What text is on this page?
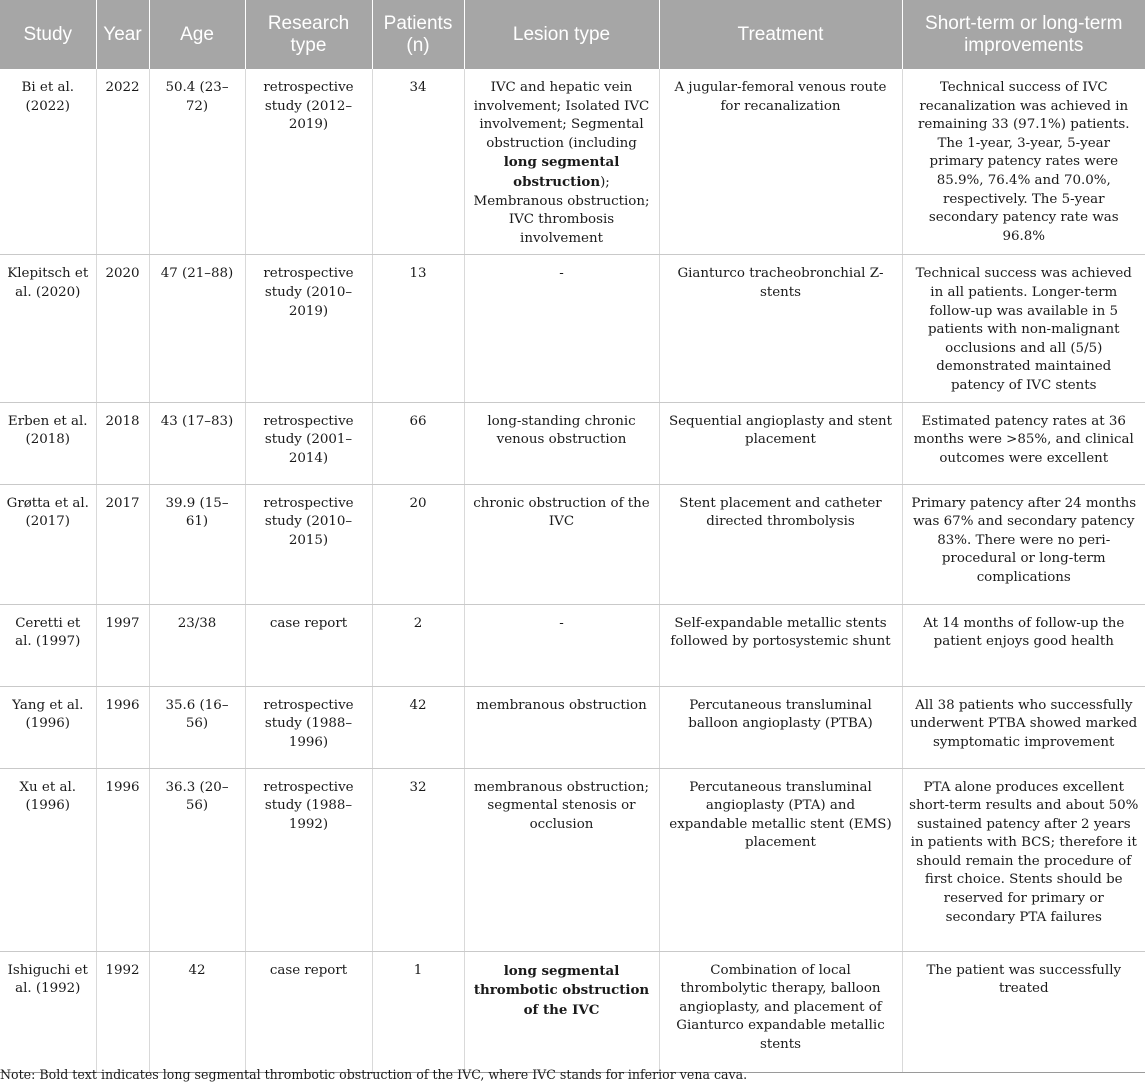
Study	Year	Age	Research type	Patients (n)	Lesion type	Treatment	Short-term or long-term improvements
Bi et al. (2022)	2022	50.4 (23–72)	retrospective study (2012–2019)	34	IVC and hepatic vein involvement; Isolated IVC involvement; Segmental obstruction (including long segmental obstruction); Membranous obstruction; IVC thrombosis involvement	A jugular-femoral venous route for recanalization	Technical success of IVC recanalization was achieved in remaining 33 (97.1%) patients. The 1-year, 3-year, 5-year primary patency rates were 85.9%, 76.4% and 70.0%, respectively. The 5-year secondary patency rate was 96.8%
Klepitsch et al. (2020)	2020	47 (21–88)	retrospective study (2010–2019)	13	-	Gianturco tracheobronchial Z-stents	Technical success was achieved in all patients. Longer-term follow-up was available in 5 patients with non-malignant occlusions and all (5/5) demonstrated maintained patency of IVC stents
Erben et al. (2018)	2018	43 (17–83)	retrospective study (2001–2014)	66	long-standing chronic venous obstruction	Sequential angioplasty and stent placement	Estimated patency rates at 36 months were >85%, and clinical outcomes were excellent
Grøtta et al. (2017)	2017	39.9 (15–61)	retrospective study (2010–2015)	20	chronic obstruction of the IVC	Stent placement and catheter directed thrombolysis	Primary patency after 24 months was 67% and secondary patency 83%. There were no peri-procedural or long-term complications
Ceretti et al. (1997)	1997	23/38	case report	2	-	Self-expandable metallic stents followed by portosystemic shunt	At 14 months of follow-up the patient enjoys good health
Yang et al. (1996)	1996	35.6 (16–56)	retrospective study (1988–1996)	42	membranous obstruction	Percutaneous transluminal balloon angioplasty (PTBA)	All 38 patients who successfully underwent PTBA showed marked symptomatic improvement
Xu et al. (1996)	1996	36.3 (20–56)	retrospective study (1988–1992)	32	membranous obstruction; segmental stenosis or occlusion	Percutaneous transluminal angioplasty (PTA) and expandable metallic stent (EMS) placement	PTA alone produces excellent short-term results and about 50% sustained patency after 2 years in patients with BCS; therefore it should remain the procedure of first choice. Stents should be reserved for primary or secondary PTA failures
Ishiguchi et al. (1992)	1992	42	case report	1	long segmental thrombotic obstruction of the IVC	Combination of local thrombolytic therapy, balloon angioplasty, and placement of Gianturco expandable metallic stents	The patient was successfully treated
Note: Bold text indicates long segmental thrombotic obstruction of the IVC, where IVC stands for inferior vena cava.
